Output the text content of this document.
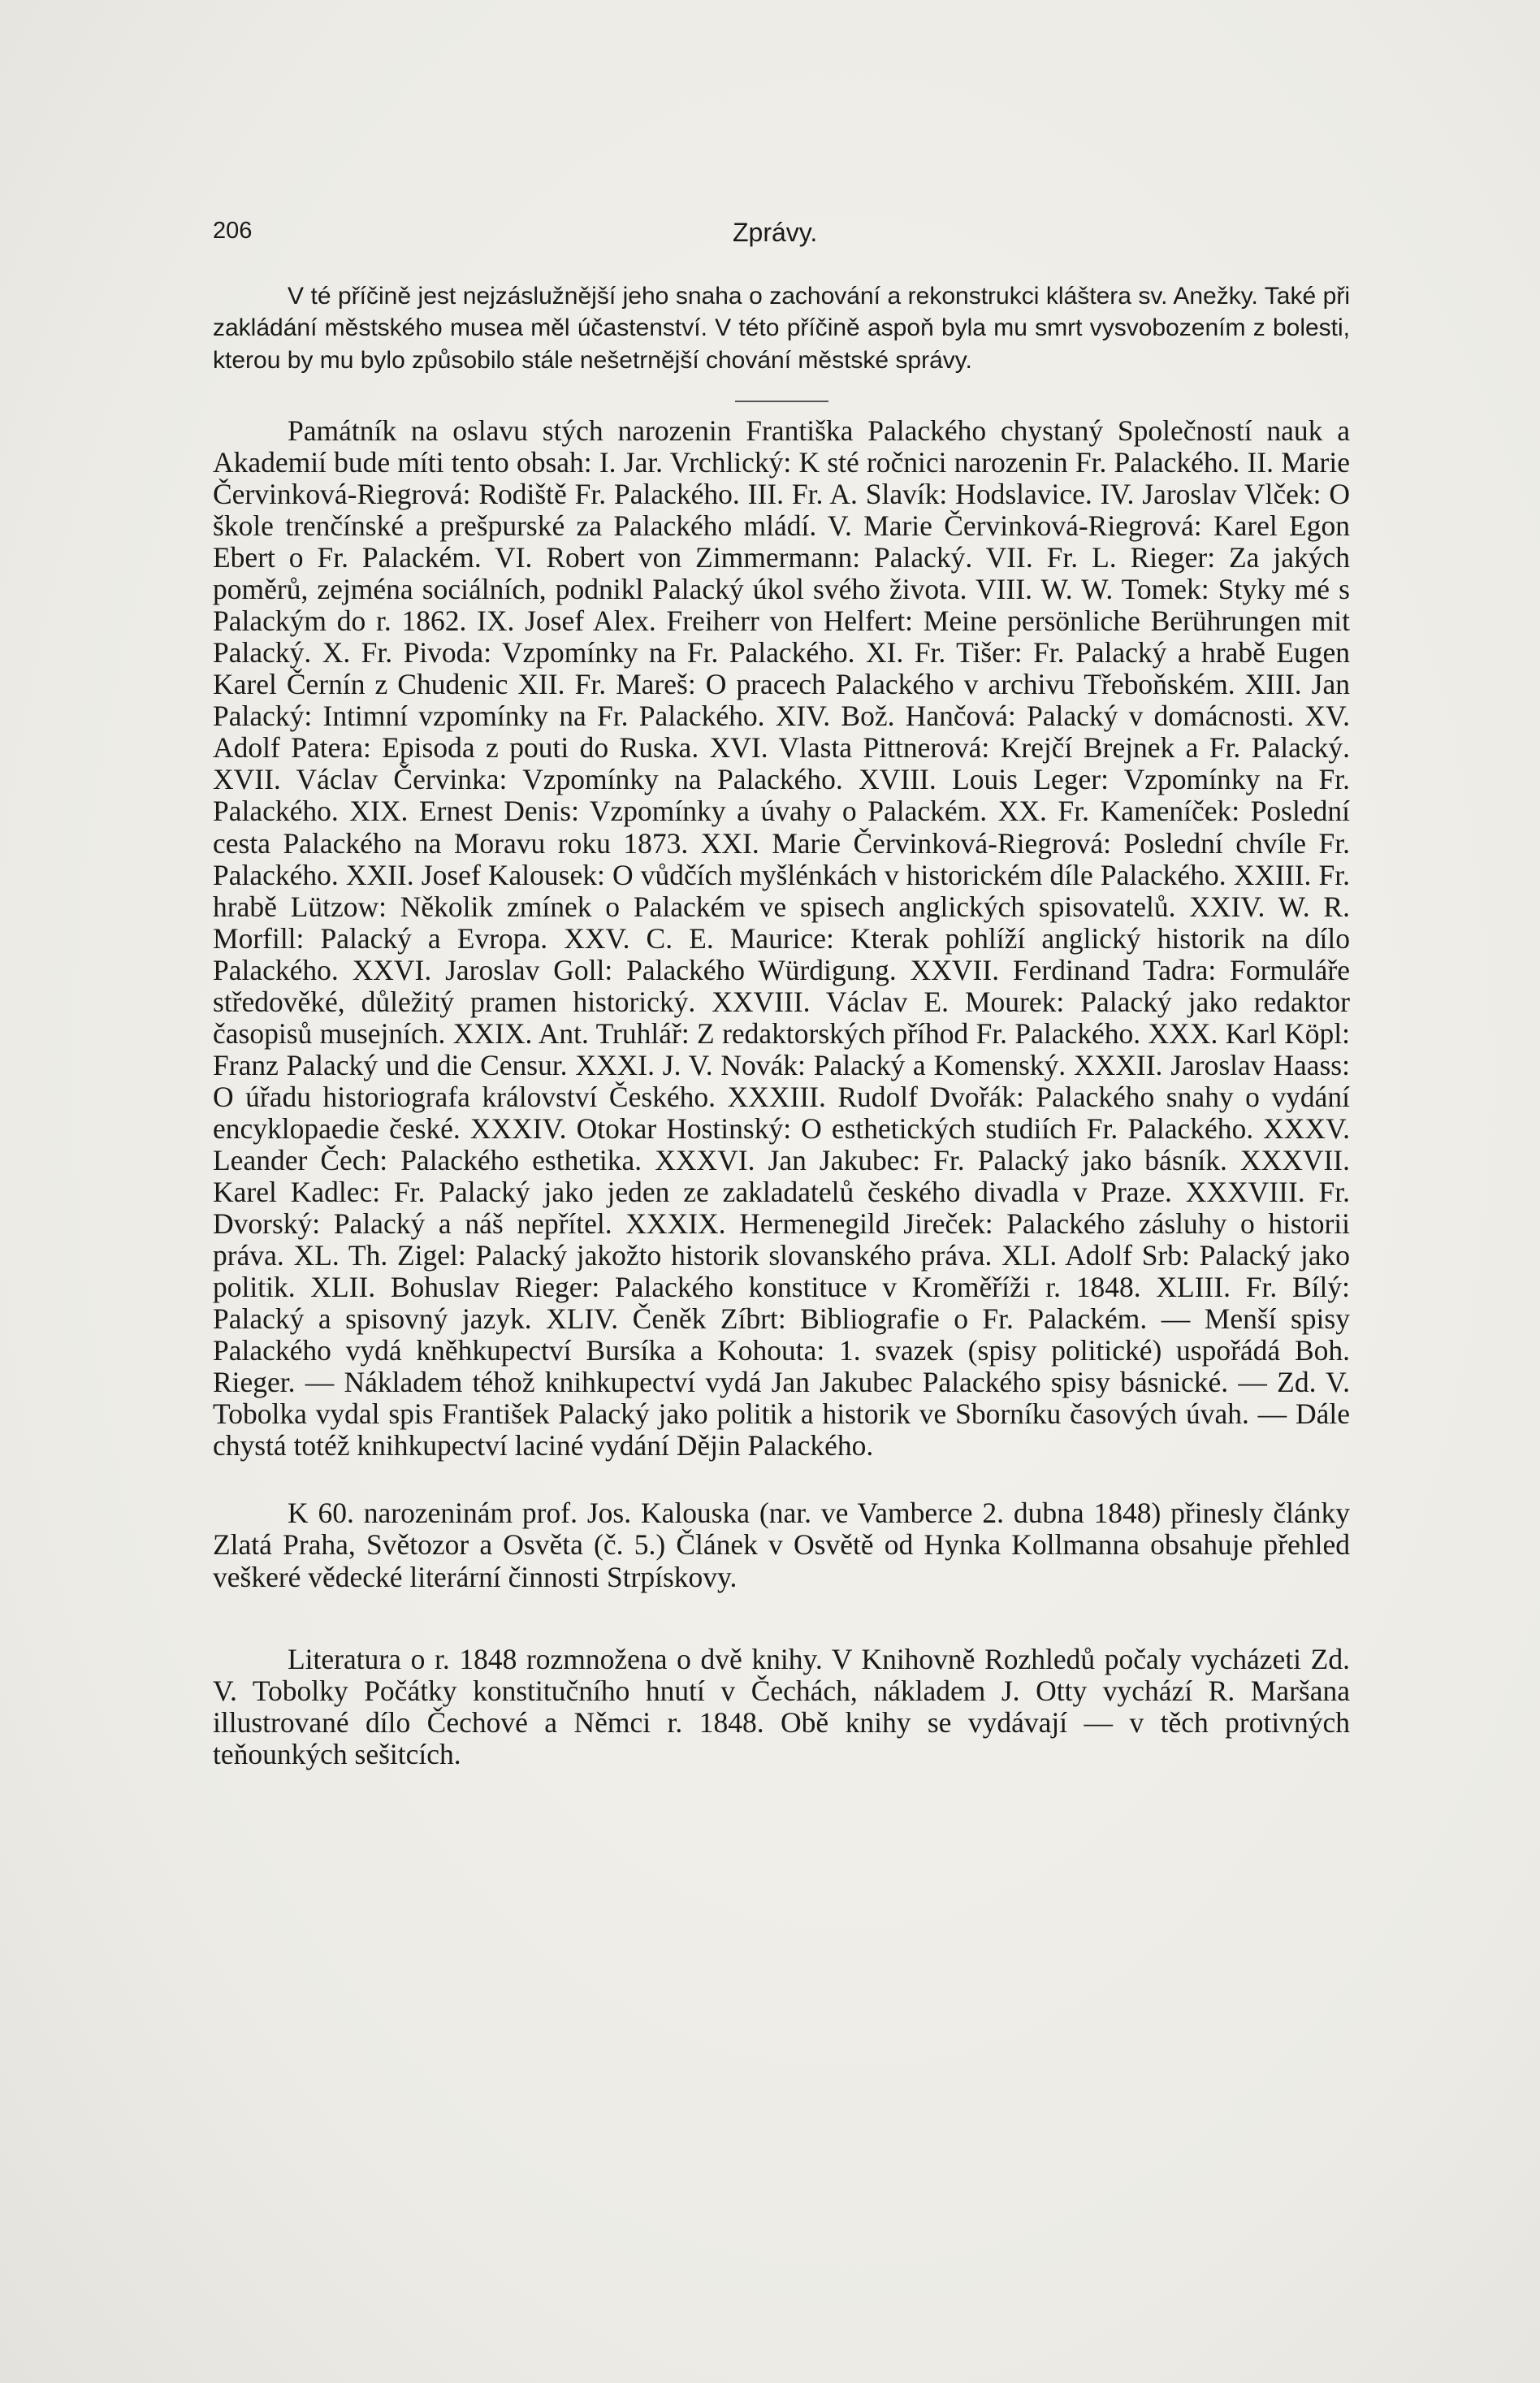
206	Zprávy.

V té příčině jest nejzáslužnější jeho snaha o zachování a rekonstrukci kláštera sv. Anežky. Také při zakládání městského musea měl účastenství. V této příčině aspoň byla mu smrt vysvobozením z bolesti, kterou by mu bylo způsobilo stále nešetrnější chování městské správy.

Památník na oslavu stých narozenin Františka Palackého chystaný Společností nauk a Akademií bude míti tento obsah: I. Jar. Vrchlický: K sté ročnici narozenin Fr. Palackého. II. Marie Červinková-Riegrová: Rodiště Fr. Palackého. III. Fr. A. Slavík: Hodslavice. IV. Jaroslav Vlček: O škole trenčínské a prešpurské za Palackého mládí. V. Marie Červinková-Riegrová: Karel Egon Ebert o Fr. Palackém. VI. Robert von Zimmermann: Palacký. VII. Fr. L. Rieger: Za jakých poměrů, zejména sociálních, podnikl Palacký úkol svého života. VIII. W. W. Tomek: Styky mé s Palackým do r. 1862. IX. Josef Alex. Freiherr von Helfert: Meine persönliche Berührungen mit Palacký. X. Fr. Pivoda: Vzpomínky na Fr. Palackého. XI. Fr. Tišer: Fr. Palacký a hrabě Eugen Karel Černín z Chudenic XII. Fr. Mareš: O pracech Palackého v archivu Třeboňském. XIII. Jan Palacký: Intimní vzpomínky na Fr. Palackého. XIV. Bož. Hančová: Palacký v domácnosti. XV. Adolf Patera: Episoda z pouti do Ruska. XVI. Vlasta Pittnerová: Krejčí Brejnek a Fr. Palacký. XVII. Václav Červinka: Vzpomínky na Palackého. XVIII. Louis Leger: Vzpomínky na Fr. Palackého. XIX. Ernest Denis: Vzpomínky a úvahy o Palackém. XX. Fr. Kameníček: Poslední cesta Palackého na Moravu roku 1873. XXI. Marie Červinková-Riegrová: Poslední chvíle Fr. Palackého. XXII. Josef Kalousek: O vůdčích myšlénkách v historickém díle Palackého. XXIII. Fr. hrabě Lützow: Několik zmínek o Palackém ve spisech anglických spisovatelů. XXIV. W. R. Morfill: Palacký a Evropa. XXV. C. E. Maurice: Kterak pohlíží anglický historik na dílo Palackého. XXVI. Jaroslav Goll: Palackého Würdigung. XXVII. Ferdinand Tadra: Formuláře středověké, důležitý pramen historický. XXVIII. Václav E. Mourek: Palacký jako redaktor časopisů musejních. XXIX. Ant. Truhlář: Z redaktorských příhod Fr. Palackého. XXX. Karl Köpl: Franz Palacký und die Censur. XXXI. J. V. Novák: Palacký a Komenský. XXXII. Jaroslav Haass: O úřadu historiografa království Českého. XXXIII. Rudolf Dvořák: Palackého snahy o vydání encyklopaedie české. XXXIV. Otokar Hostinský: O esthetických studiích Fr. Palackého. XXXV. Leander Čech: Palackého esthetika. XXXVI. Jan Jakubec: Fr. Palacký jako básník. XXXVII. Karel Kadlec: Fr. Palacký jako jeden ze zakladatelů českého divadla v Praze. XXXVIII. Fr. Dvorský: Palacký a náš nepřítel. XXXIX. Hermenegild Jireček: Palackého zásluhy o historii práva. XL. Th. Zigel: Palacký jakožto historik slovanského práva. XLI. Adolf Srb: Palacký jako politik. XLII. Bohuslav Rieger: Palackého konstituce v Kroměříži r. 1848. XLIII. Fr. Bílý: Palacký a spisovný jazyk. XLIV. Čeněk Zíbrt: Bibliografie o Fr. Palackém. — Menší spisy Palackého vydá kněhkupectví Bursíka a Kohouta: 1. svazek (spisy politické) uspořádá Boh. Rieger. — Nákladem téhož knihkupectví vydá Jan Jakubec Palackého spisy básnické. — Zd. V. Tobolka vydal spis František Palacký jako politik a historik ve Sborníku časových úvah. — Dále chystá totéž knihkupectví laciné vydání Dějin Palackého.

K 60. narozeninám prof. Jos. Kalouska (nar. ve Vamberce 2. dubna 1848) přinesly články Zlatá Praha, Světozor a Osvěta (č. 5.) Článek v Osvětě od Hynka Kollmanna obsahuje přehled veškeré vědecké literární činnosti Strpískovy.

Literatura o r. 1848 rozmnožena o dvě knihy. V Knihovně Rozhledů počaly vycházeti Zd. V. Tobolky Počátky konstitučního hnutí v Čechách, nákladem J. Otty vychází R. Maršana illustrované dílo Čechové a Němci r. 1848. Obě knihy se vydávají — v těch protivných teňounkých sešitcích.
